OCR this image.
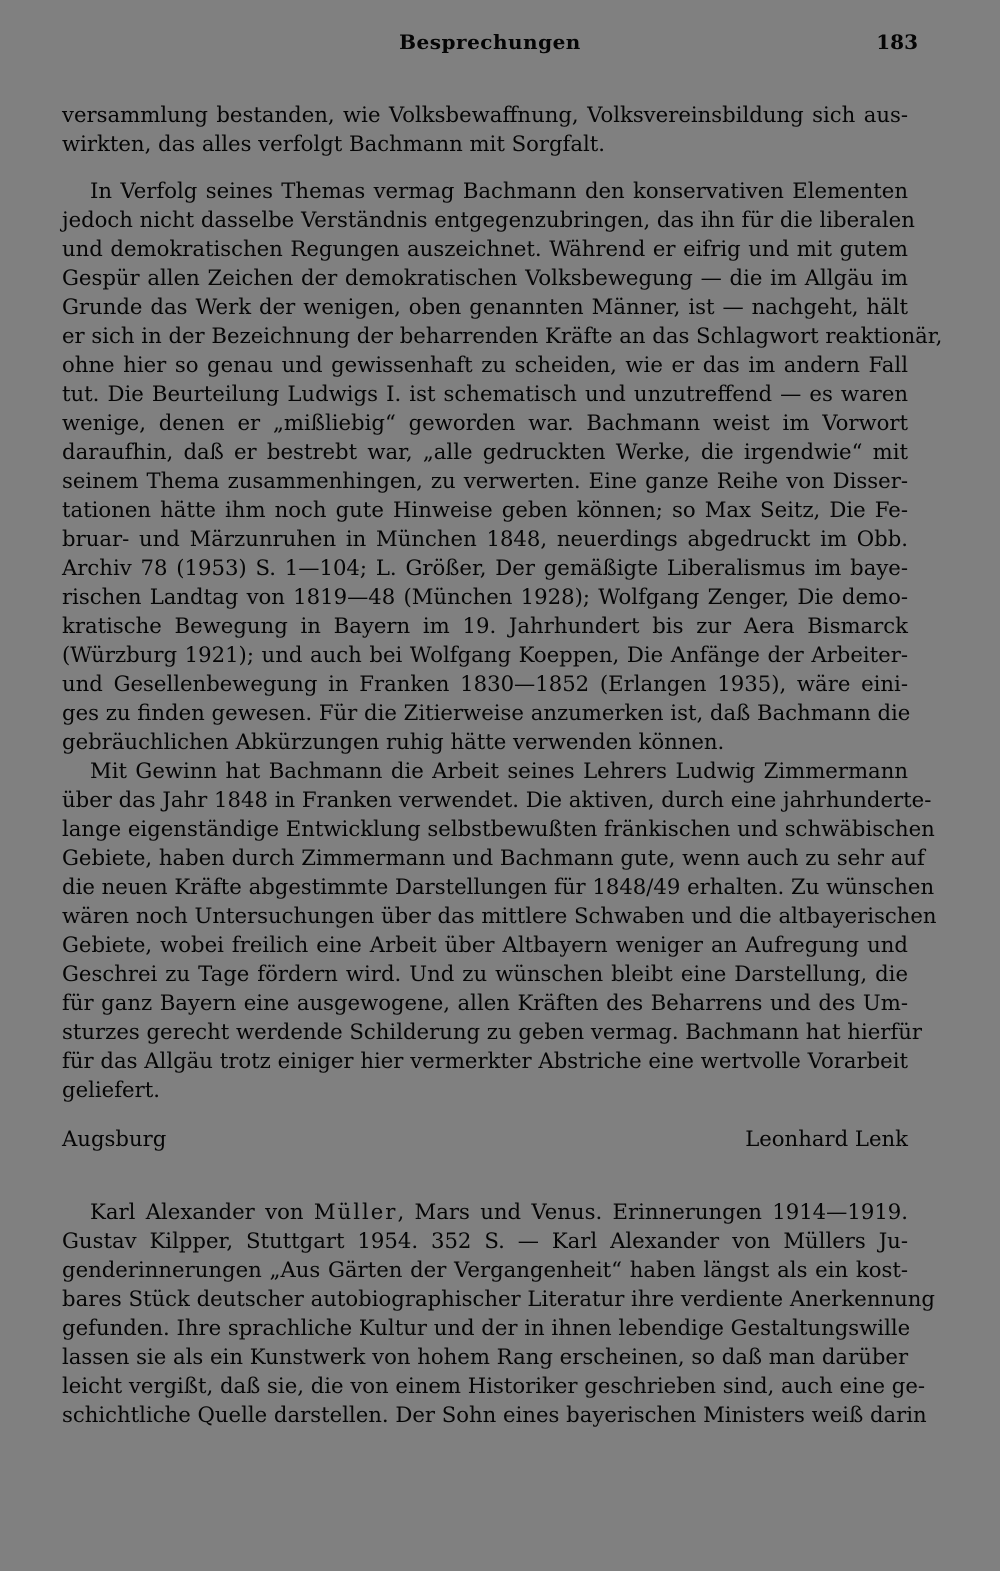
Besprechungen	183
versammlung bestanden, wie Volksbewaffnung, Volksvereinsbildung sich aus-
wirkten, das alles verfolgt Bachmann mit Sorgfalt.
In Verfolg seines Themas vermag Bachmann den konservativen Elementen
jedoch nicht dasselbe Verständnis entgegenzubringen, das ihn für die liberalen
und demokratischen Regungen auszeichnet. Während er eifrig und mit gutem
Gespür allen Zeichen der demokratischen Volksbewegung — die im Allgäu im
Grunde das Werk der wenigen, oben genannten Männer, ist — nachgeht, hält
er sich in der Bezeichnung der beharrenden Kräfte an das Schlagwort reaktionär,
ohne hier so genau und gewissenhaft zu scheiden, wie er das im andern Fall
tut. Die Beurteilung Ludwigs I. ist schematisch und unzutreffend — es waren
wenige, denen er „mißliebig“ geworden war. Bachmann weist im Vorwort
daraufhin, daß er bestrebt war, „alle gedruckten Werke, die irgendwie“ mit
seinem Thema zusammenhingen, zu verwerten. Eine ganze Reihe von Disser-
tationen hätte ihm noch gute Hinweise geben können; so Max Seitz, Die Fe-
bruar- und Märzunruhen in München 1848, neuerdings abgedruckt im Obb.
Archiv 78 (1953) S. 1—104; L. Größer, Der gemäßigte Liberalismus im baye-
rischen Landtag von 1819—48 (München 1928); Wolfgang Zenger, Die demo-
kratische Bewegung in Bayern im 19. Jahrhundert bis zur Aera Bismarck
(Würzburg 1921); und auch bei Wolfgang Koeppen, Die Anfänge der Arbeiter-
und Gesellenbewegung in Franken 1830—1852 (Erlangen 1935), wäre eini-
ges zu finden gewesen. Für die Zitierweise anzumerken ist, daß Bachmann die
gebräuchlichen Abkürzungen ruhig hätte verwenden können.
Mit Gewinn hat Bachmann die Arbeit seines Lehrers Ludwig Zimmermann
über das Jahr 1848 in Franken verwendet. Die aktiven, durch eine jahrhunderte-
lange eigenständige Entwicklung selbstbewußten fränkischen und schwäbischen
Gebiete, haben durch Zimmermann und Bachmann gute, wenn auch zu sehr auf
die neuen Kräfte abgestimmte Darstellungen für 1848/49 erhalten. Zu wünschen
wären noch Untersuchungen über das mittlere Schwaben und die altbayerischen
Gebiete, wobei freilich eine Arbeit über Altbayern weniger an Aufregung und
Geschrei zu Tage fördern wird. Und zu wünschen bleibt eine Darstellung, die
für ganz Bayern eine ausgewogene, allen Kräften des Beharrens und des Um-
sturzes gerecht werdende Schilderung zu geben vermag. Bachmann hat hierfür
für das Allgäu trotz einiger hier vermerkter Abstriche eine wertvolle Vorarbeit
geliefert.
Augsburg	Leonhard Lenk
Karl Alexander von Müller, Mars und Venus. Erinnerungen 1914—1919.
Gustav Kilpper, Stuttgart 1954. 352 S. — Karl Alexander von Müllers Ju-
genderinnerungen „Aus Gärten der Vergangenheit“ haben längst als ein kost-
bares Stück deutscher autobiographischer Literatur ihre verdiente Anerkennung
gefunden. Ihre sprachliche Kultur und der in ihnen lebendige Gestaltungswille
lassen sie als ein Kunstwerk von hohem Rang erscheinen, so daß man darüber
leicht vergißt, daß sie, die von einem Historiker geschrieben sind, auch eine ge-
schichtliche Quelle darstellen. Der Sohn eines bayerischen Ministers weiß darin
